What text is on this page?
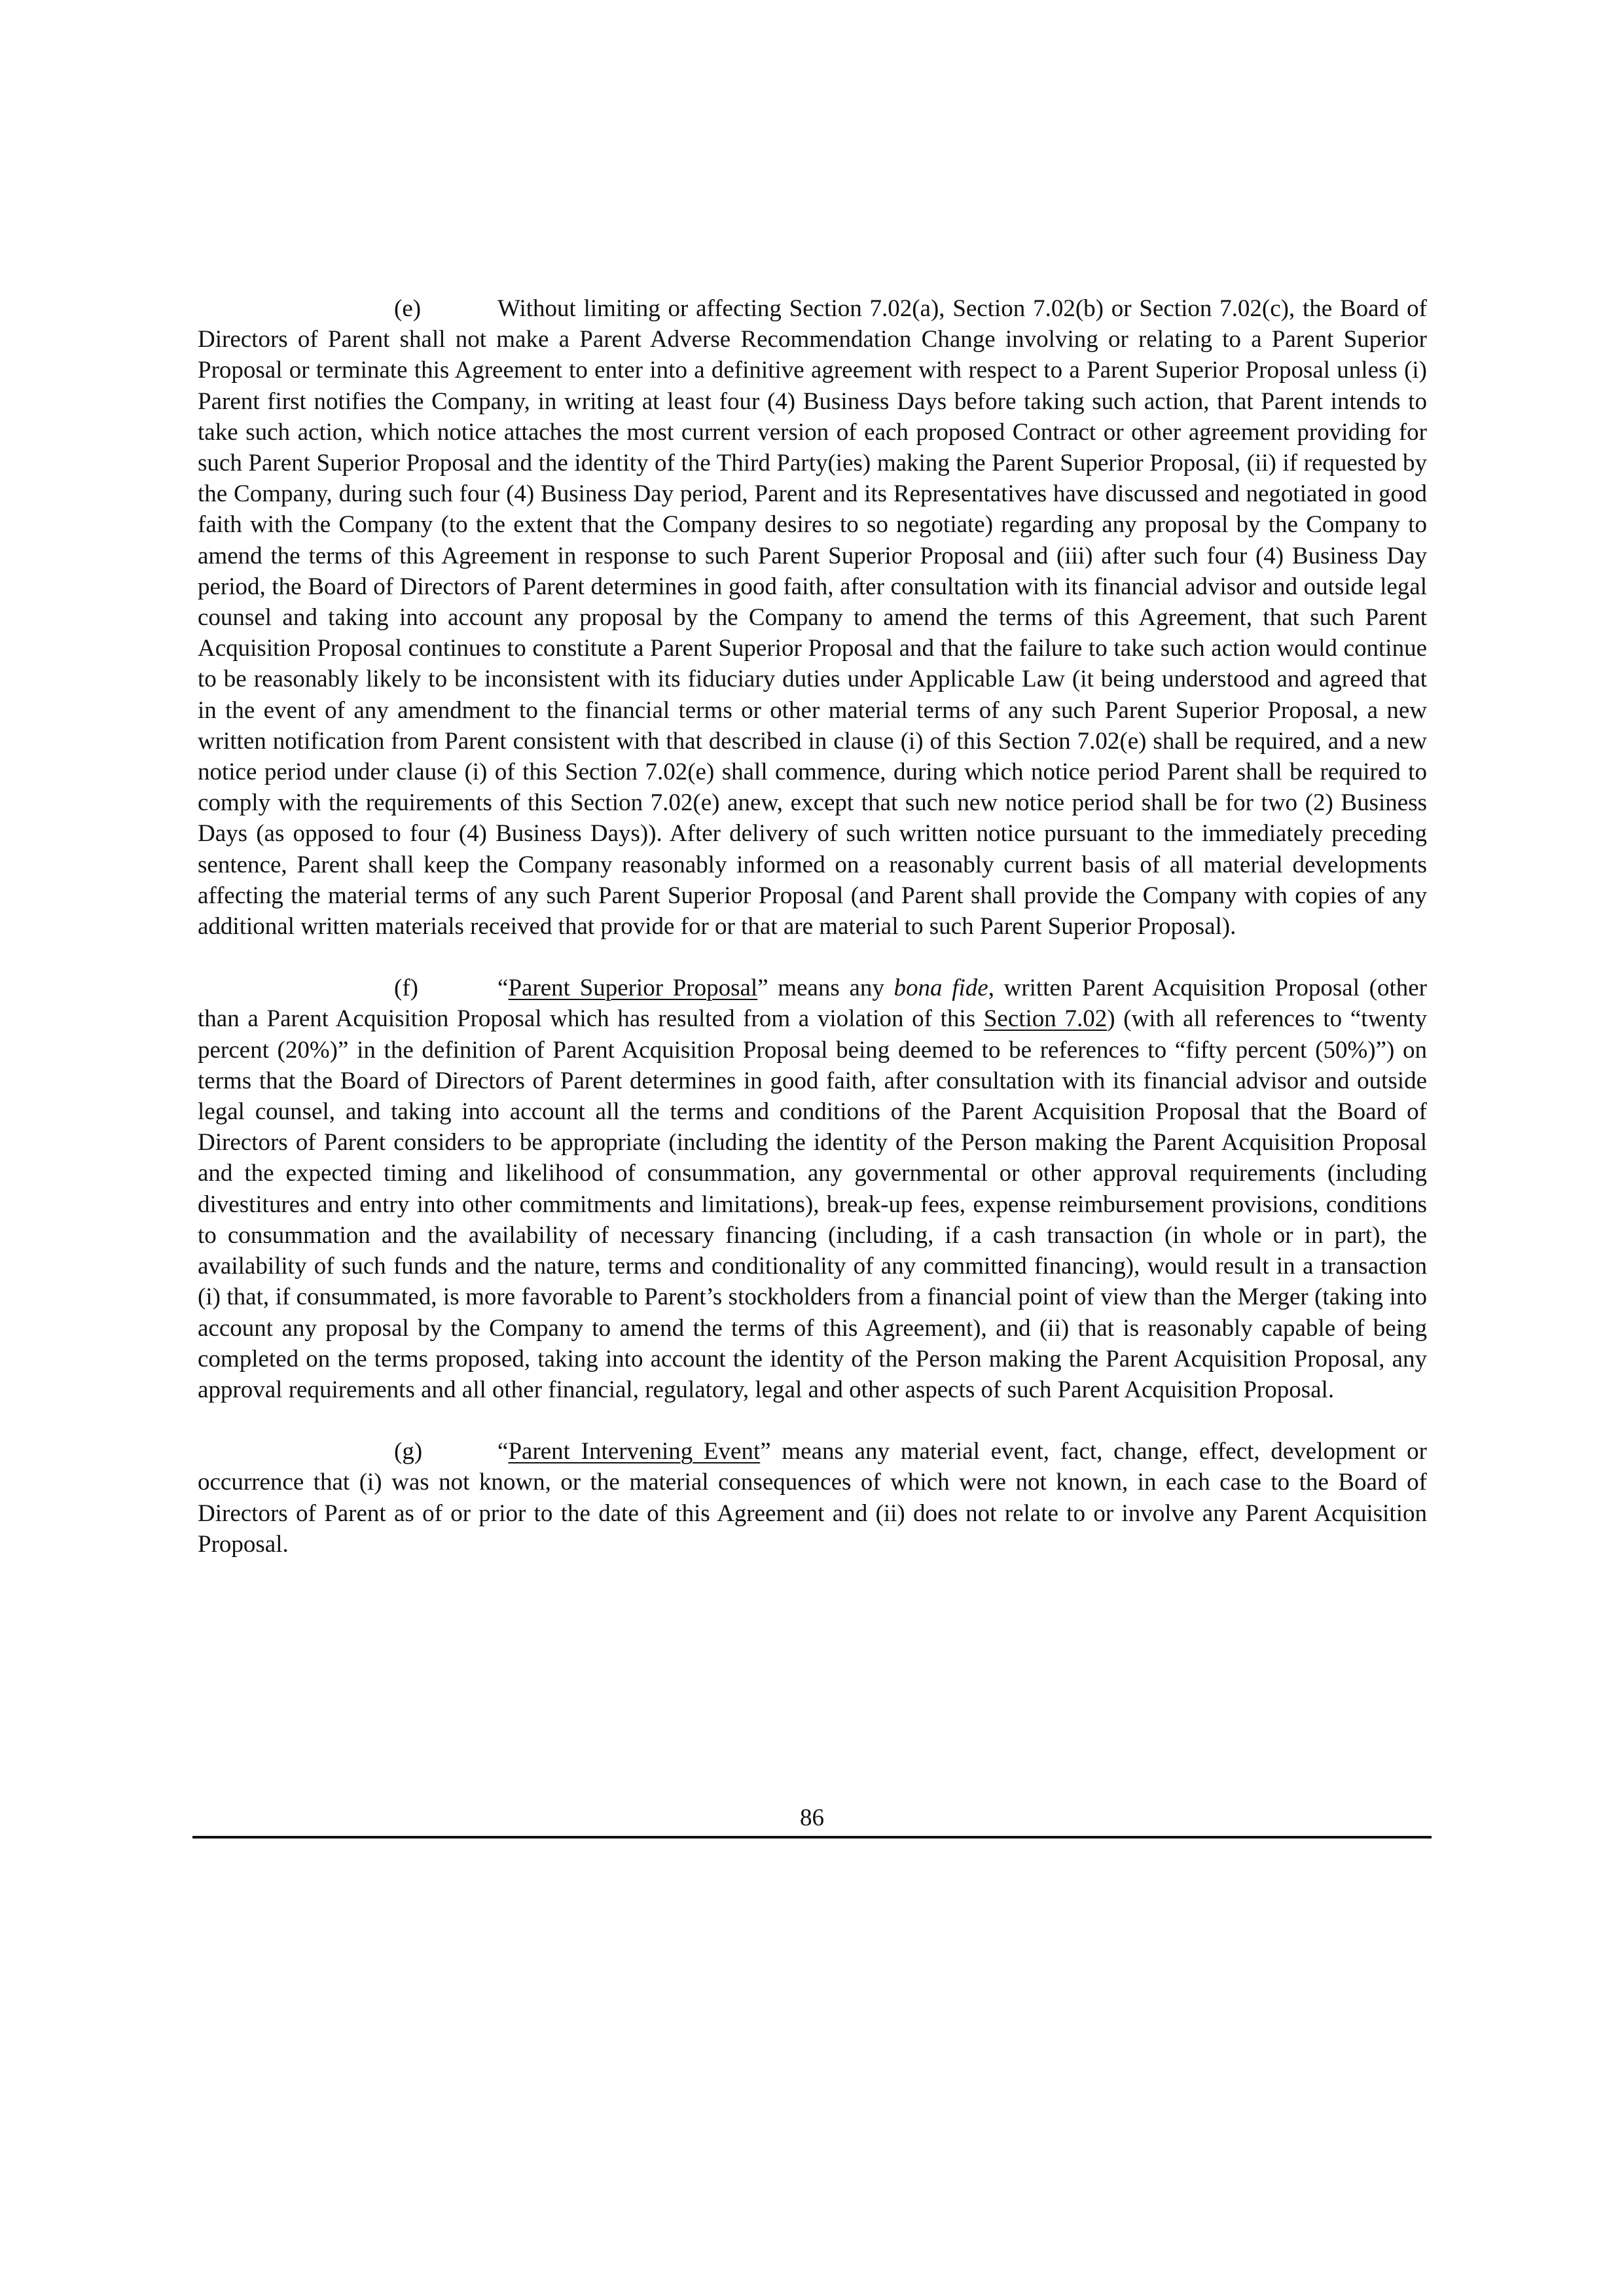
(e)	Without limiting or affecting Section 7.02(a), Section 7.02(b) or Section 7.02(c), the Board of Directors of Parent shall not make a Parent Adverse Recommendation Change involving or relating to a Parent Superior Proposal or terminate this Agreement to enter into a definitive agreement with respect to a Parent Superior Proposal unless (i) Parent first notifies the Company, in writing at least four (4) Business Days before taking such action, that Parent intends to take such action, which notice attaches the most current version of each proposed Contract or other agreement providing for such Parent Superior Proposal and the identity of the Third Party(ies) making the Parent Superior Proposal, (ii) if requested by the Company, during such four (4) Business Day period, Parent and its Representatives have discussed and negotiated in good faith with the Company (to the extent that the Company desires to so negotiate) regarding any proposal by the Company to amend the terms of this Agreement in response to such Parent Superior Proposal and (iii) after such four (4) Business Day period, the Board of Directors of Parent determines in good faith, after consultation with its financial advisor and outside legal counsel and taking into account any proposal by the Company to amend the terms of this Agreement, that such Parent Acquisition Proposal continues to constitute a Parent Superior Proposal and that the failure to take such action would continue to be reasonably likely to be inconsistent with its fiduciary duties under Applicable Law (it being understood and agreed that in the event of any amendment to the financial terms or other material terms of any such Parent Superior Proposal, a new written notification from Parent consistent with that described in clause (i) of this Section 7.02(e) shall be required, and a new notice period under clause (i) of this Section 7.02(e) shall commence, during which notice period Parent shall be required to comply with the requirements of this Section 7.02(e) anew, except that such new notice period shall be for two (2) Business Days (as opposed to four (4) Business Days)). After delivery of such written notice pursuant to the immediately preceding sentence, Parent shall keep the Company reasonably informed on a reasonably current basis of all material developments affecting the material terms of any such Parent Superior Proposal (and Parent shall provide the Company with copies of any additional written materials received that provide for or that are material to such Parent Superior Proposal).

(f)	“Parent Superior Proposal” means any bona fide, written Parent Acquisition Proposal (other than a Parent Acquisition Proposal which has resulted from a violation of this Section 7.02) (with all references to “twenty percent (20%)” in the definition of Parent Acquisition Proposal being deemed to be references to “fifty percent (50%)”) on terms that the Board of Directors of Parent determines in good faith, after consultation with its financial advisor and outside legal counsel, and taking into account all the terms and conditions of the Parent Acquisition Proposal that the Board of Directors of Parent considers to be appropriate (including the identity of the Person making the Parent Acquisition Proposal and the expected timing and likelihood of consummation, any governmental or other approval requirements (including divestitures and entry into other commitments and limitations), break-up fees, expense reimbursement provisions, conditions to consummation and the availability of necessary financing (including, if a cash transaction (in whole or in part), the availability of such funds and the nature, terms and conditionality of any committed financing), would result in a transaction (i) that, if consummated, is more favorable to Parent’s stockholders from a financial point of view than the Merger (taking into account any proposal by the Company to amend the terms of this Agreement), and (ii) that is reasonably capable of being completed on the terms proposed, taking into account the identity of the Person making the Parent Acquisition Proposal, any approval requirements and all other financial, regulatory, legal and other aspects of such Parent Acquisition Proposal.

(g)	“Parent Intervening Event” means any material event, fact, change, effect, development or occurrence that (i) was not known, or the material consequences of which were not known, in each case to the Board of Directors of Parent as of or prior to the date of this Agreement and (ii) does not relate to or involve any Parent Acquisition Proposal.

86
